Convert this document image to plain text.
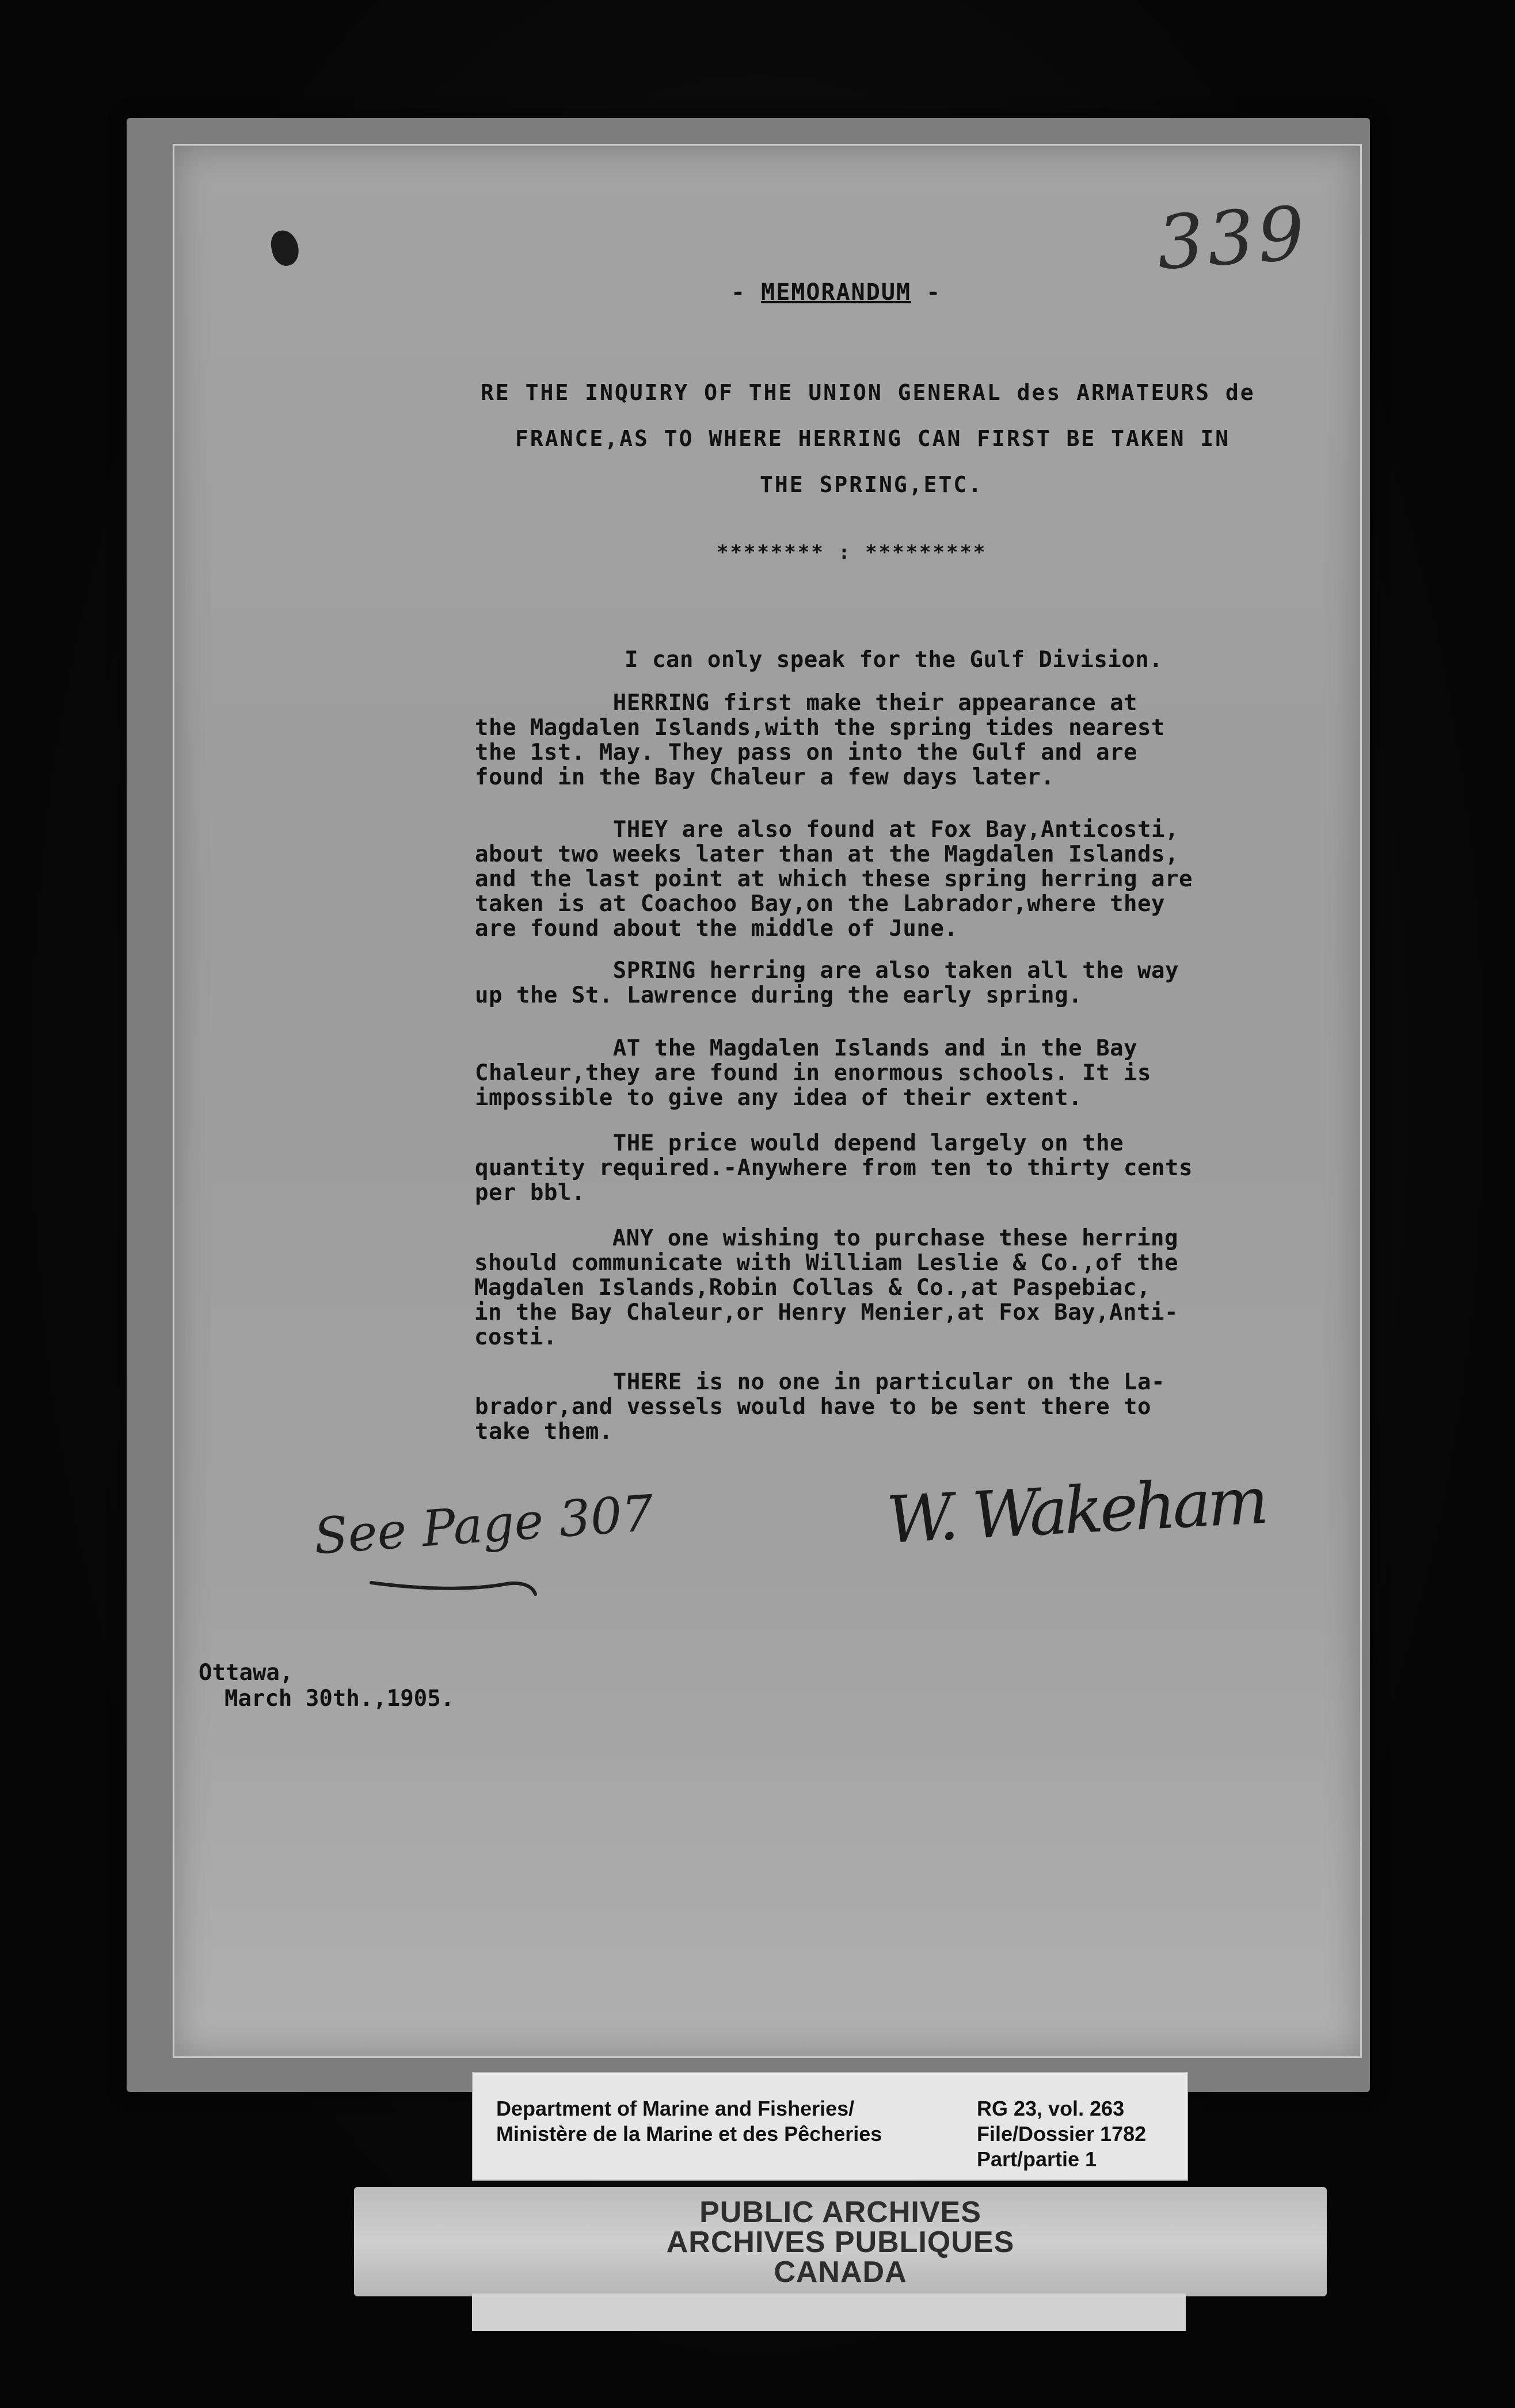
339
- MEMORANDUM -
RE THE INQUIRY OF THE UNION GENERAL des ARMATEURS de
FRANCE,AS TO WHERE HERRING CAN FIRST BE TAKEN IN
THE SPRING,ETC.
******** : *********
I can only speak for the Gulf Division.
HERRING first make their appearance at
the Magdalen Islands,with the spring tides nearest
the 1st. May. They pass on into the Gulf and are
found in the Bay Chaleur a few days later.
THEY are also found at Fox Bay,Anticosti,
about two weeks later than at the Magdalen Islands,
and the last point at which these spring herring are
taken is at Coachoo Bay,on the Labrador,where they
are found about the middle of June.
SPRING herring are also taken all the way
up the St. Lawrence during the early spring.
AT the Magdalen Islands and in the Bay
Chaleur,they are found in enormous schools. It is
impossible to give any idea of their extent.
THE price would depend largely on the
quantity required.-Anywhere from ten to thirty cents
per bbl.
ANY one wishing to purchase these herring
should communicate with William Leslie & Co.,of the
Magdalen Islands,Robin Collas & Co.,at Paspebiac,
in the Bay Chaleur,or Henry Menier,at Fox Bay,Anti-
costi.
THERE is no one in particular on the La-
brador,and vessels would have to be sent there to
take them.
See Page 307	W. Wakeham
Ottawa,
March 30th.,1905.
Department of Marine and Fisheries/
Ministère de la Marine et des Pêcheries
RG 23, vol. 263
File/Dossier 1782
Part/partie 1
PUBLIC ARCHIVES
ARCHIVES PUBLIQUES
CANADA
